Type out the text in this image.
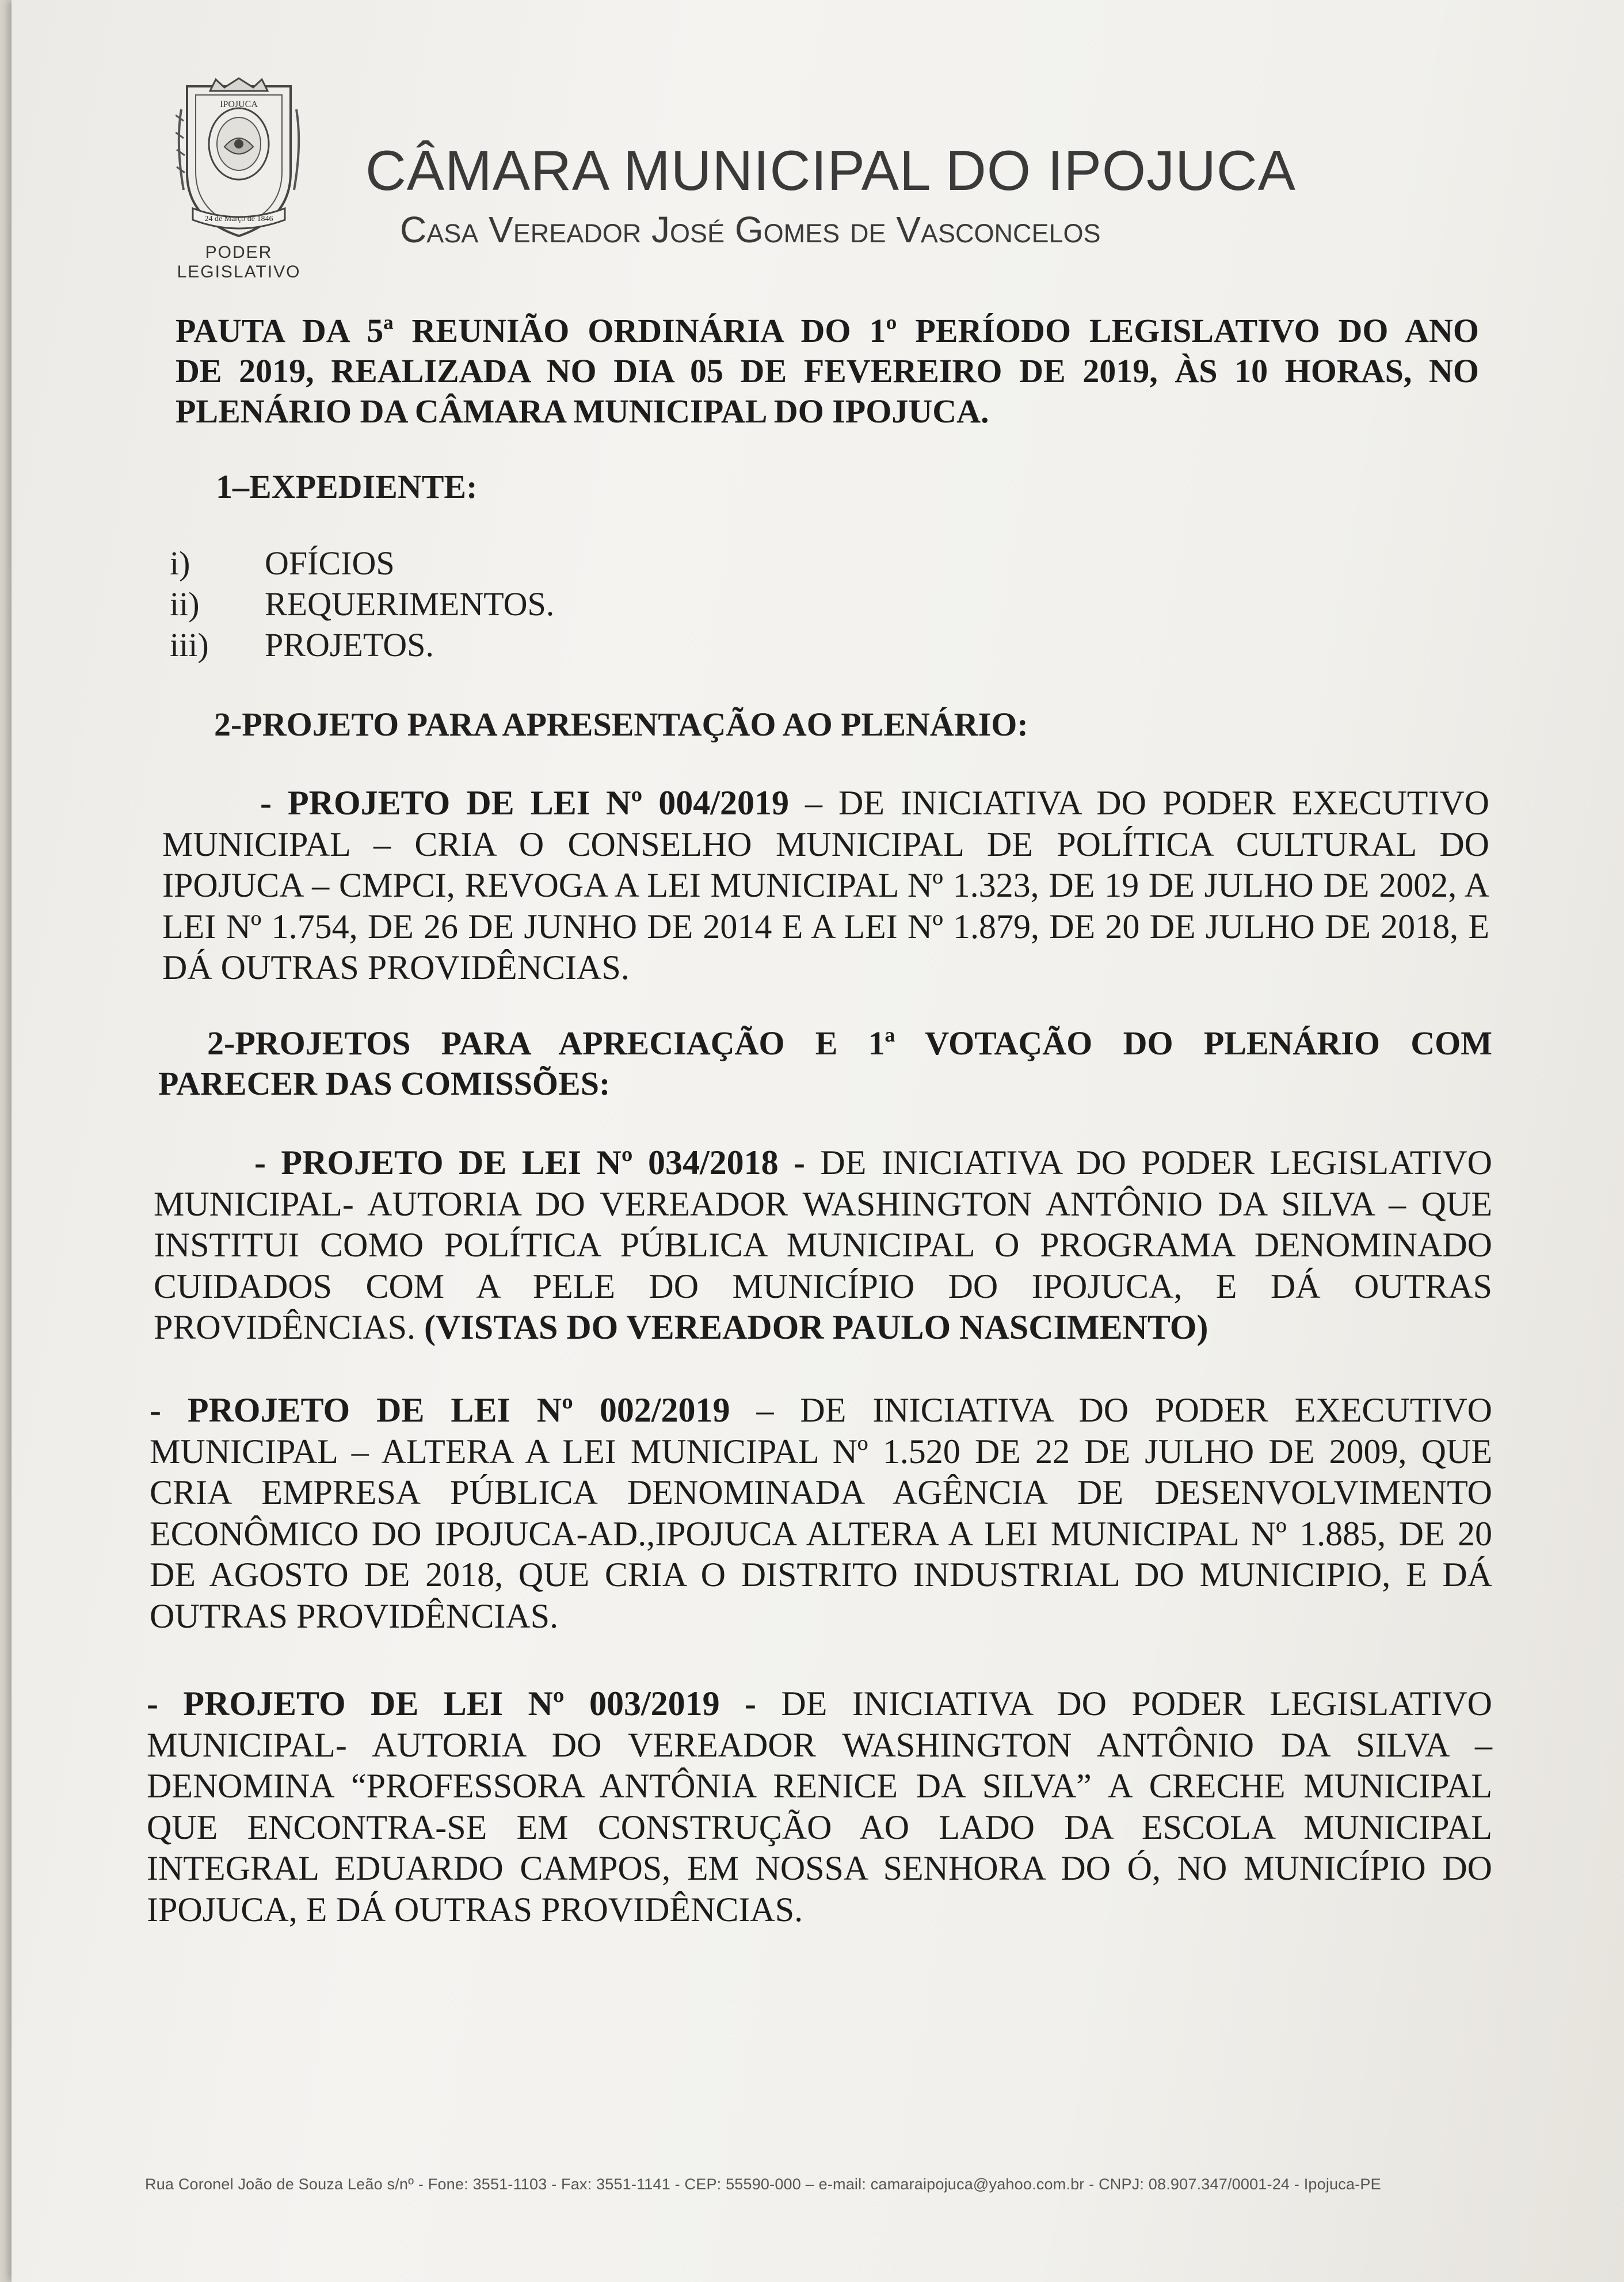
24 de Março de 1846
IPOJUCA
PODER
LEGISLATIVO
CÂMARA MUNICIPAL DO IPOJUCA
Casa Vereador José Gomes de Vasconcelos
PAUTA DA 5ª REUNIÃO ORDINÁRIA DO 1º PERÍODO LEGISLATIVO DO ANO
DE 2019, REALIZADA NO DIA 05 DE FEVEREIRO DE 2019, ÀS 10 HORAS, NO
PLENÁRIO DA CÂMARA MUNICIPAL DO IPOJUCA.
1–EXPEDIENTE:
i) OFÍCIOS
ii) REQUERIMENTOS.
iii) PROJETOS.
2-PROJETO PARA APRESENTAÇÃO AO PLENÁRIO:
- PROJETO DE LEI Nº 004/2019 – DE INICIATIVA DO PODER EXECUTIVO
MUNICIPAL – CRIA O CONSELHO MUNICIPAL DE POLÍTICA CULTURAL DO
IPOJUCA – CMPCI, REVOGA A LEI MUNICIPAL Nº 1.323, DE 19 DE JULHO DE 2002, A
LEI Nº 1.754, DE 26 DE JUNHO DE 2014 E A LEI Nº 1.879, DE 20 DE JULHO DE 2018, E
DÁ OUTRAS PROVIDÊNCIAS.
2-PROJETOS PARA APRECIAÇÃO E 1ª VOTAÇÃO DO PLENÁRIO COM
PARECER DAS COMISSÕES:
- PROJETO DE LEI Nº 034/2018 - DE INICIATIVA DO PODER LEGISLATIVO
MUNICIPAL- AUTORIA DO VEREADOR WASHINGTON ANTÔNIO DA SILVA – QUE
INSTITUI COMO POLÍTICA PÚBLICA MUNICIPAL O PROGRAMA DENOMINADO
CUIDADOS COM A PELE DO MUNICÍPIO DO IPOJUCA, E DÁ OUTRAS
PROVIDÊNCIAS. (VISTAS DO VEREADOR PAULO NASCIMENTO)
- PROJETO DE LEI Nº 002/2019 – DE INICIATIVA DO PODER EXECUTIVO
MUNICIPAL – ALTERA A LEI MUNICIPAL Nº 1.520 DE 22 DE JULHO DE 2009, QUE
CRIA EMPRESA PÚBLICA DENOMINADA AGÊNCIA DE DESENVOLVIMENTO
ECONÔMICO DO IPOJUCA-AD.,IPOJUCA ALTERA A LEI MUNICIPAL Nº 1.885, DE 20
DE AGOSTO DE 2018, QUE CRIA O DISTRITO INDUSTRIAL DO MUNICIPIO, E DÁ
OUTRAS PROVIDÊNCIAS.
- PROJETO DE LEI Nº 003/2019 - DE INICIATIVA DO PODER LEGISLATIVO
MUNICIPAL- AUTORIA DO VEREADOR WASHINGTON ANTÔNIO DA SILVA –
DENOMINA “PROFESSORA ANTÔNIA RENICE DA SILVA” A CRECHE MUNICIPAL
QUE ENCONTRA-SE EM CONSTRUÇÃO AO LADO DA ESCOLA MUNICIPAL
INTEGRAL EDUARDO CAMPOS, EM NOSSA SENHORA DO Ó, NO MUNICÍPIO DO
IPOJUCA, E DÁ OUTRAS PROVIDÊNCIAS.
Rua Coronel João de Souza Leão s/nº - Fone: 3551-1103 - Fax: 3551-1141 - CEP: 55590-000 – e-mail: camaraipojuca@yahoo.com.br - CNPJ: 08.907.347/0001-24 - Ipojuca-PE
